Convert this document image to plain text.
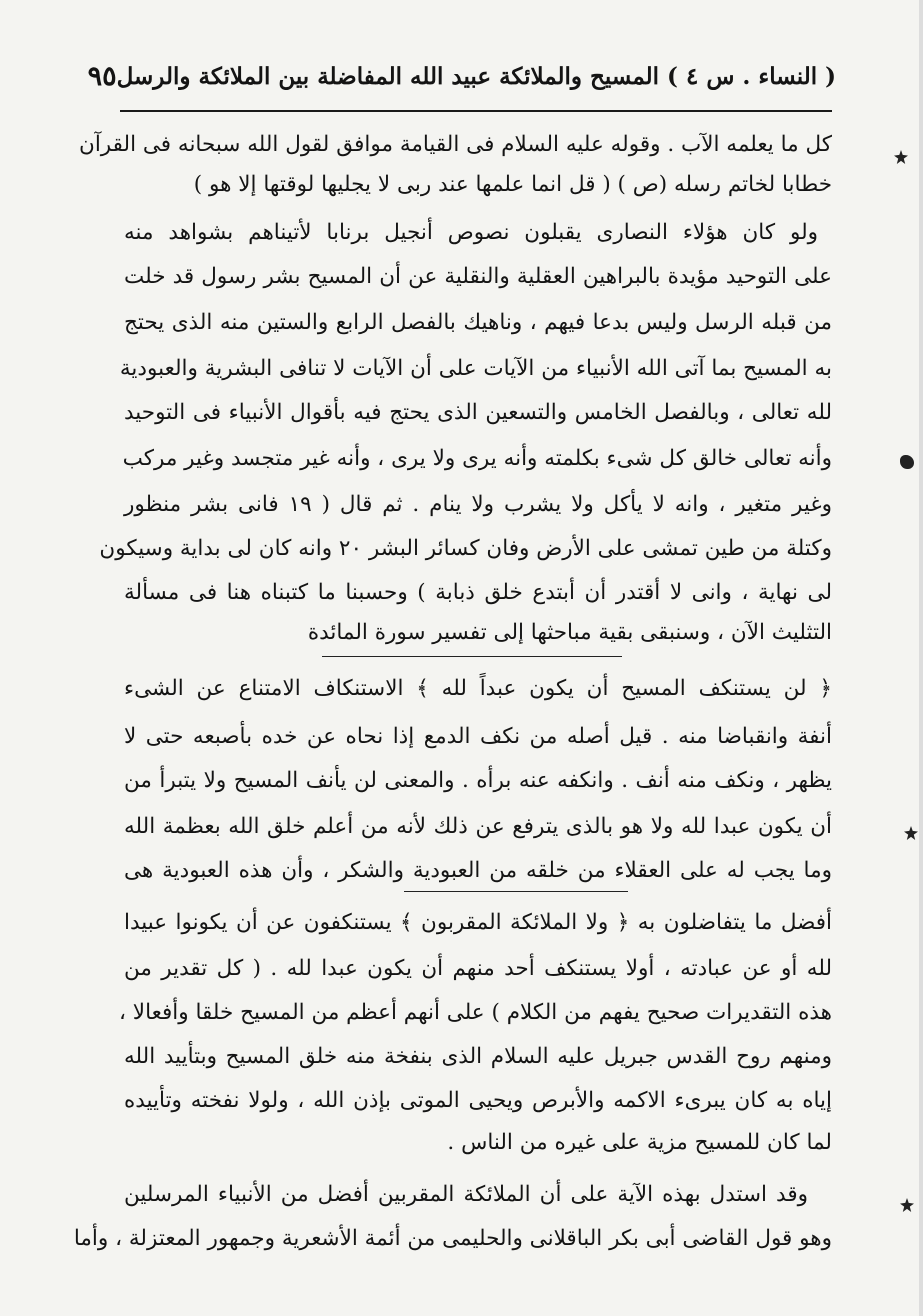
( النساء . س ٤ ) المسيح والملائكة عبيد الله المفاضلة بين الملائكة والرسل
٩٥
كل ما يعلمه الآب . وقوله عليه السلام فى القيامة موافق لقول الله سبحانه فى القرآن
خطابا لخاتم رسله (ص ) ( قل انما علمها عند ربى لا يجليها لوقتها إلا هو )
ولو كان هؤلاء النصارى يقبلون نصوص أنجيل برنابا لأتيناهم بشواهد منه
على التوحيد مؤيدة بالبراهين العقلية والنقلية عن أن المسيح بشر رسول قد خلت
من قبله الرسل وليس بدعا فيهم ، وناهيك بالفصل الرابع والستين منه الذى يحتج
به المسيح بما آتى الله الأنبياء من الآيات على أن الآيات لا تنافى البشرية والعبودية
لله تعالى ، وبالفصل الخامس والتسعين الذى يحتج فيه بأقوال الأنبياء فى التوحيد
وأنه تعالى خالق كل شىء بكلمته وأنه يرى ولا يرى ، وأنه غير متجسد وغير مركب
وغير متغير ، وانه لا يأكل ولا يشرب ولا ينام . ثم قال ( ١٩ فانى بشر منظور
وكتلة من طين تمشى على الأرض وفان كسائر البشر ٢٠ وانه كان لى بداية وسيكون
لى نهاية ، وانى لا أقتدر أن أبتدع خلق ذبابة ) وحسبنا ما كتبناه هنا فى مسألة
التثليث الآن ، وسنبقى بقية مباحثها إلى تفسير سورة المائدة
﴿ لن يستنكف المسيح أن يكون عبداً لله ﴾ الاستنكاف الامتناع عن الشىء
أنفة وانقباضا منه . قيل أصله من نكف الدمع إذا نحاه عن خده بأصبعه حتى لا
يظهر ، ونكف منه أنف . وانكفه عنه برأه . والمعنى لن يأنف المسيح ولا يتبرأ من
أن يكون عبدا لله ولا هو بالذى يترفع عن ذلك لأنه من أعلم خلق الله بعظمة الله
وما يجب له على العقلاء من خلقه من العبودية والشكر ، وأن هذه العبودية هى
أفضل ما يتفاضلون به ﴿ ولا الملائكة المقربون ﴾ يستنكفون عن أن يكونوا عبيدا
لله أو عن عبادته ، أولا يستنكف أحد منهم أن يكون عبدا لله . ( كل تقدير من
هذه التقديرات صحيح يفهم من الكلام ) على أنهم أعظم من المسيح خلقا وأفعالا ،
ومنهم روح القدس جبريل عليه السلام الذى بنفخة منه خلق المسيح وبتأييد الله
إياه به كان يبرىء الاكمه والأبرص ويحيى الموتى بإذن الله ، ولولا نفخته وتأييده
لما كان للمسيح مزية على غيره من الناس .
وقد استدل بهذه الآية على أن الملائكة المقربين أفضل من الأنبياء المرسلين
وهو قول القاضى أبى بكر الباقلانى والحليمى من أئمة الأشعرية وجمهور المعتزلة ، وأما
